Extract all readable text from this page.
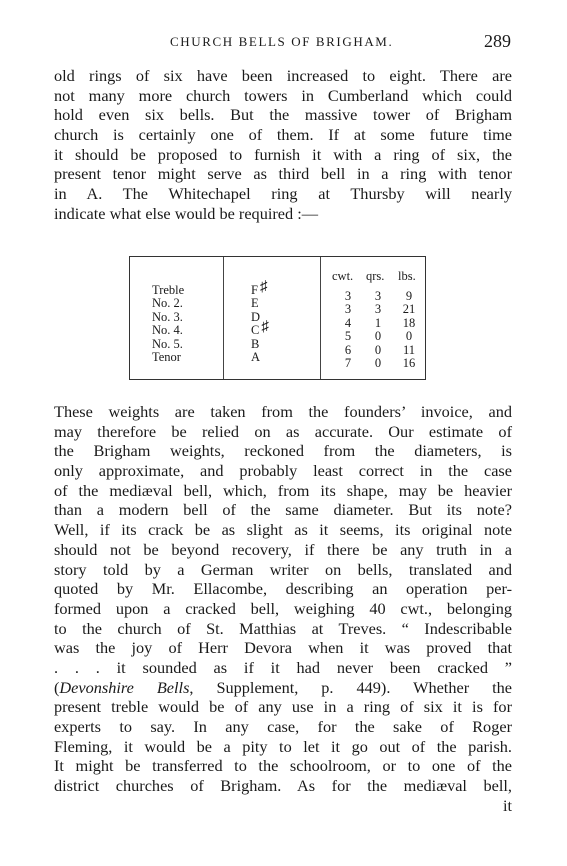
CHURCH BELLS OF BRIGHAM.	289
old rings of six have been increased to eight. There are
not many more church towers in Cumberland which could
hold even six bells. But the massive tower of Brigham
church is certainly one of them. If at some future time
it should be proposed to furnish it with a ring of six, the
present tenor might serve as third bell in a ring with tenor
in A. The Whitechapel ring at Thursby will nearly
indicate what else would be required :—
Treble
No. 2.
No. 3.
No. 4.
No. 5.
Tenor
F ♯
E
D
C ♯
B
A
cwt. qrs. lbs.
3
3
4
5
6
7
3
3
1
0
0
0
9
21
18
0
11
16
These weights are taken from the founders’ invoice, and
may therefore be relied on as accurate. Our estimate of
the Brigham weights, reckoned from the diameters, is
only approximate, and probably least correct in the case
of the mediæval bell, which, from its shape, may be heavier
than a modern bell of the same diameter. But its note?
Well, if its crack be as slight as it seems, its original note
should not be beyond recovery, if there be any truth in a
story told by a German writer on bells, translated and
quoted by Mr. Ellacombe, describing an operation per-
formed upon a cracked bell, weighing 40 cwt., belonging
to the church of St. Matthias at Treves. “ Indescribable
was the joy of Herr Devora when it was proved that
. . . it sounded as if it had never been cracked ”
(Devonshire Bells, Supplement, p. 449). Whether the
present treble would be of any use in a ring of six it is for
experts to say. In any case, for the sake of Roger
Fleming, it would be a pity to let it go out of the parish.
It might be transferred to the schoolroom, or to one of the
district churches of Brigham. As for the mediæval bell,
it
